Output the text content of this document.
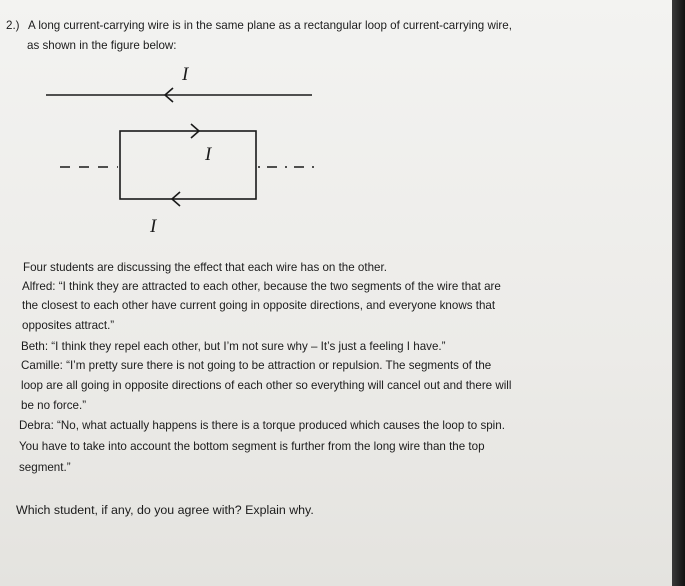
2.) A long current-carrying wire is in the same plane as a rectangular loop of current-carrying wire,
as shown in the figure below:
I
I
I
Four students are discussing the effect that each wire has on the other.
Alfred: “I think they are attracted to each other, because the two segments of the wire that are
the closest to each other have current going in opposite directions, and everyone knows that
opposites attract.”
Beth: “I think they repel each other, but I’m not sure why – It’s just a feeling I have.”
Camille: “I’m pretty sure there is not going to be attraction or repulsion. The segments of the
loop are all going in opposite directions of each other so everything will cancel out and there will
be no force.”
Debra: “No, what actually happens is there is a torque produced which causes the loop to spin.
You have to take into account the bottom segment is further from the long wire than the top
segment.”
Which student, if any, do you agree with? Explain why.
